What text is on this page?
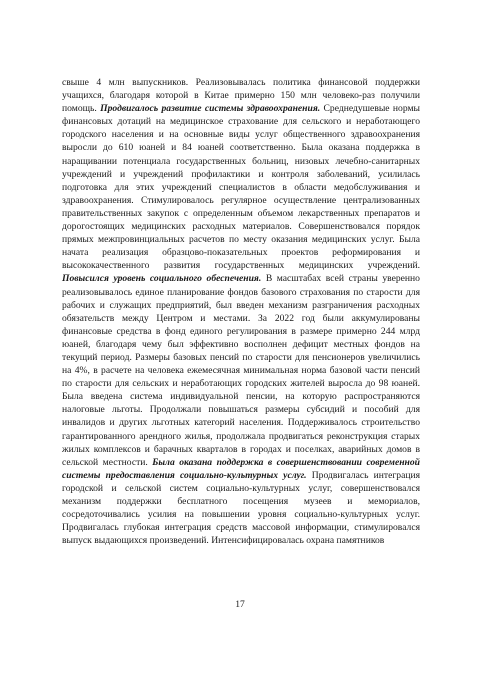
свыше 4 млн выпускников. Реализовывалась политика финансовой поддержки учащихся, благодаря которой в Китае примерно 150 млн человеко-раз получили помощь. Продвигалось развитие системы здравоохранения. Среднедушевые нормы финансовых дотаций на медицинское страхование для сельского и неработающего городского населения и на основные виды услуг общественного здравоохранения выросли до 610 юаней и 84 юаней соответственно. Была оказана поддержка в наращивании потенциала государственных больниц, низовых лечебно-санитарных учреждений и учреждений профилактики и контроля заболеваний, усилилась подготовка для этих учреждений специалистов в области медобслуживания и здравоохранения. Стимулировалось регулярное осуществление централизованных правительственных закупок с определенным объемом лекарственных препаратов и дорогостоящих медицинских расходных материалов. Совершенствовался порядок прямых межпровинциальных расчетов по месту оказания медицинских услуг. Была начата реализация образцово-показательных проектов реформирования и высококачественного развития государственных медицинских учреждений. Повысился уровень социального обеспечения. В масштабах всей страны уверенно реализовывалось единое планирование фондов базового страхования по старости для рабочих и служащих предприятий, был введен механизм разграничения расходных обязательств между Центром и местами. За 2022 год были аккумулированы финансовые средства в фонд единого регулирования в размере примерно 244 млрд юаней, благодаря чему был эффективно восполнен дефицит местных фондов на текущий период. Размеры базовых пенсий по старости для пенсионеров увеличились на 4%, в расчете на человека ежемесячная минимальная норма базовой части пенсий по старости для сельских и неработающих городских жителей выросла до 98 юаней. Была введена система индивидуальной пенсии, на которую распространяются налоговые льготы. Продолжали повышаться размеры субсидий и пособий для инвалидов и других льготных категорий населения. Поддерживалось строительство гарантированного арендного жилья, продолжала продвигаться реконструкция старых жилых комплексов и барачных кварталов в городах и поселках, аварийных домов в сельской местности. Была оказана поддержка в совершенствовании современной системы предоставления социально-культурных услуг. Продвигалась интеграция городской и сельской систем социально-культурных услуг, совершенствовался механизм поддержки бесплатного посещения музеев и мемориалов, сосредоточивались усилия на повышении уровня социально-культурных услуг. Продвигалась глубокая интеграция средств массовой информации, стимулировался выпуск выдающихся произведений. Интенсифицировалась охрана памятников

17
